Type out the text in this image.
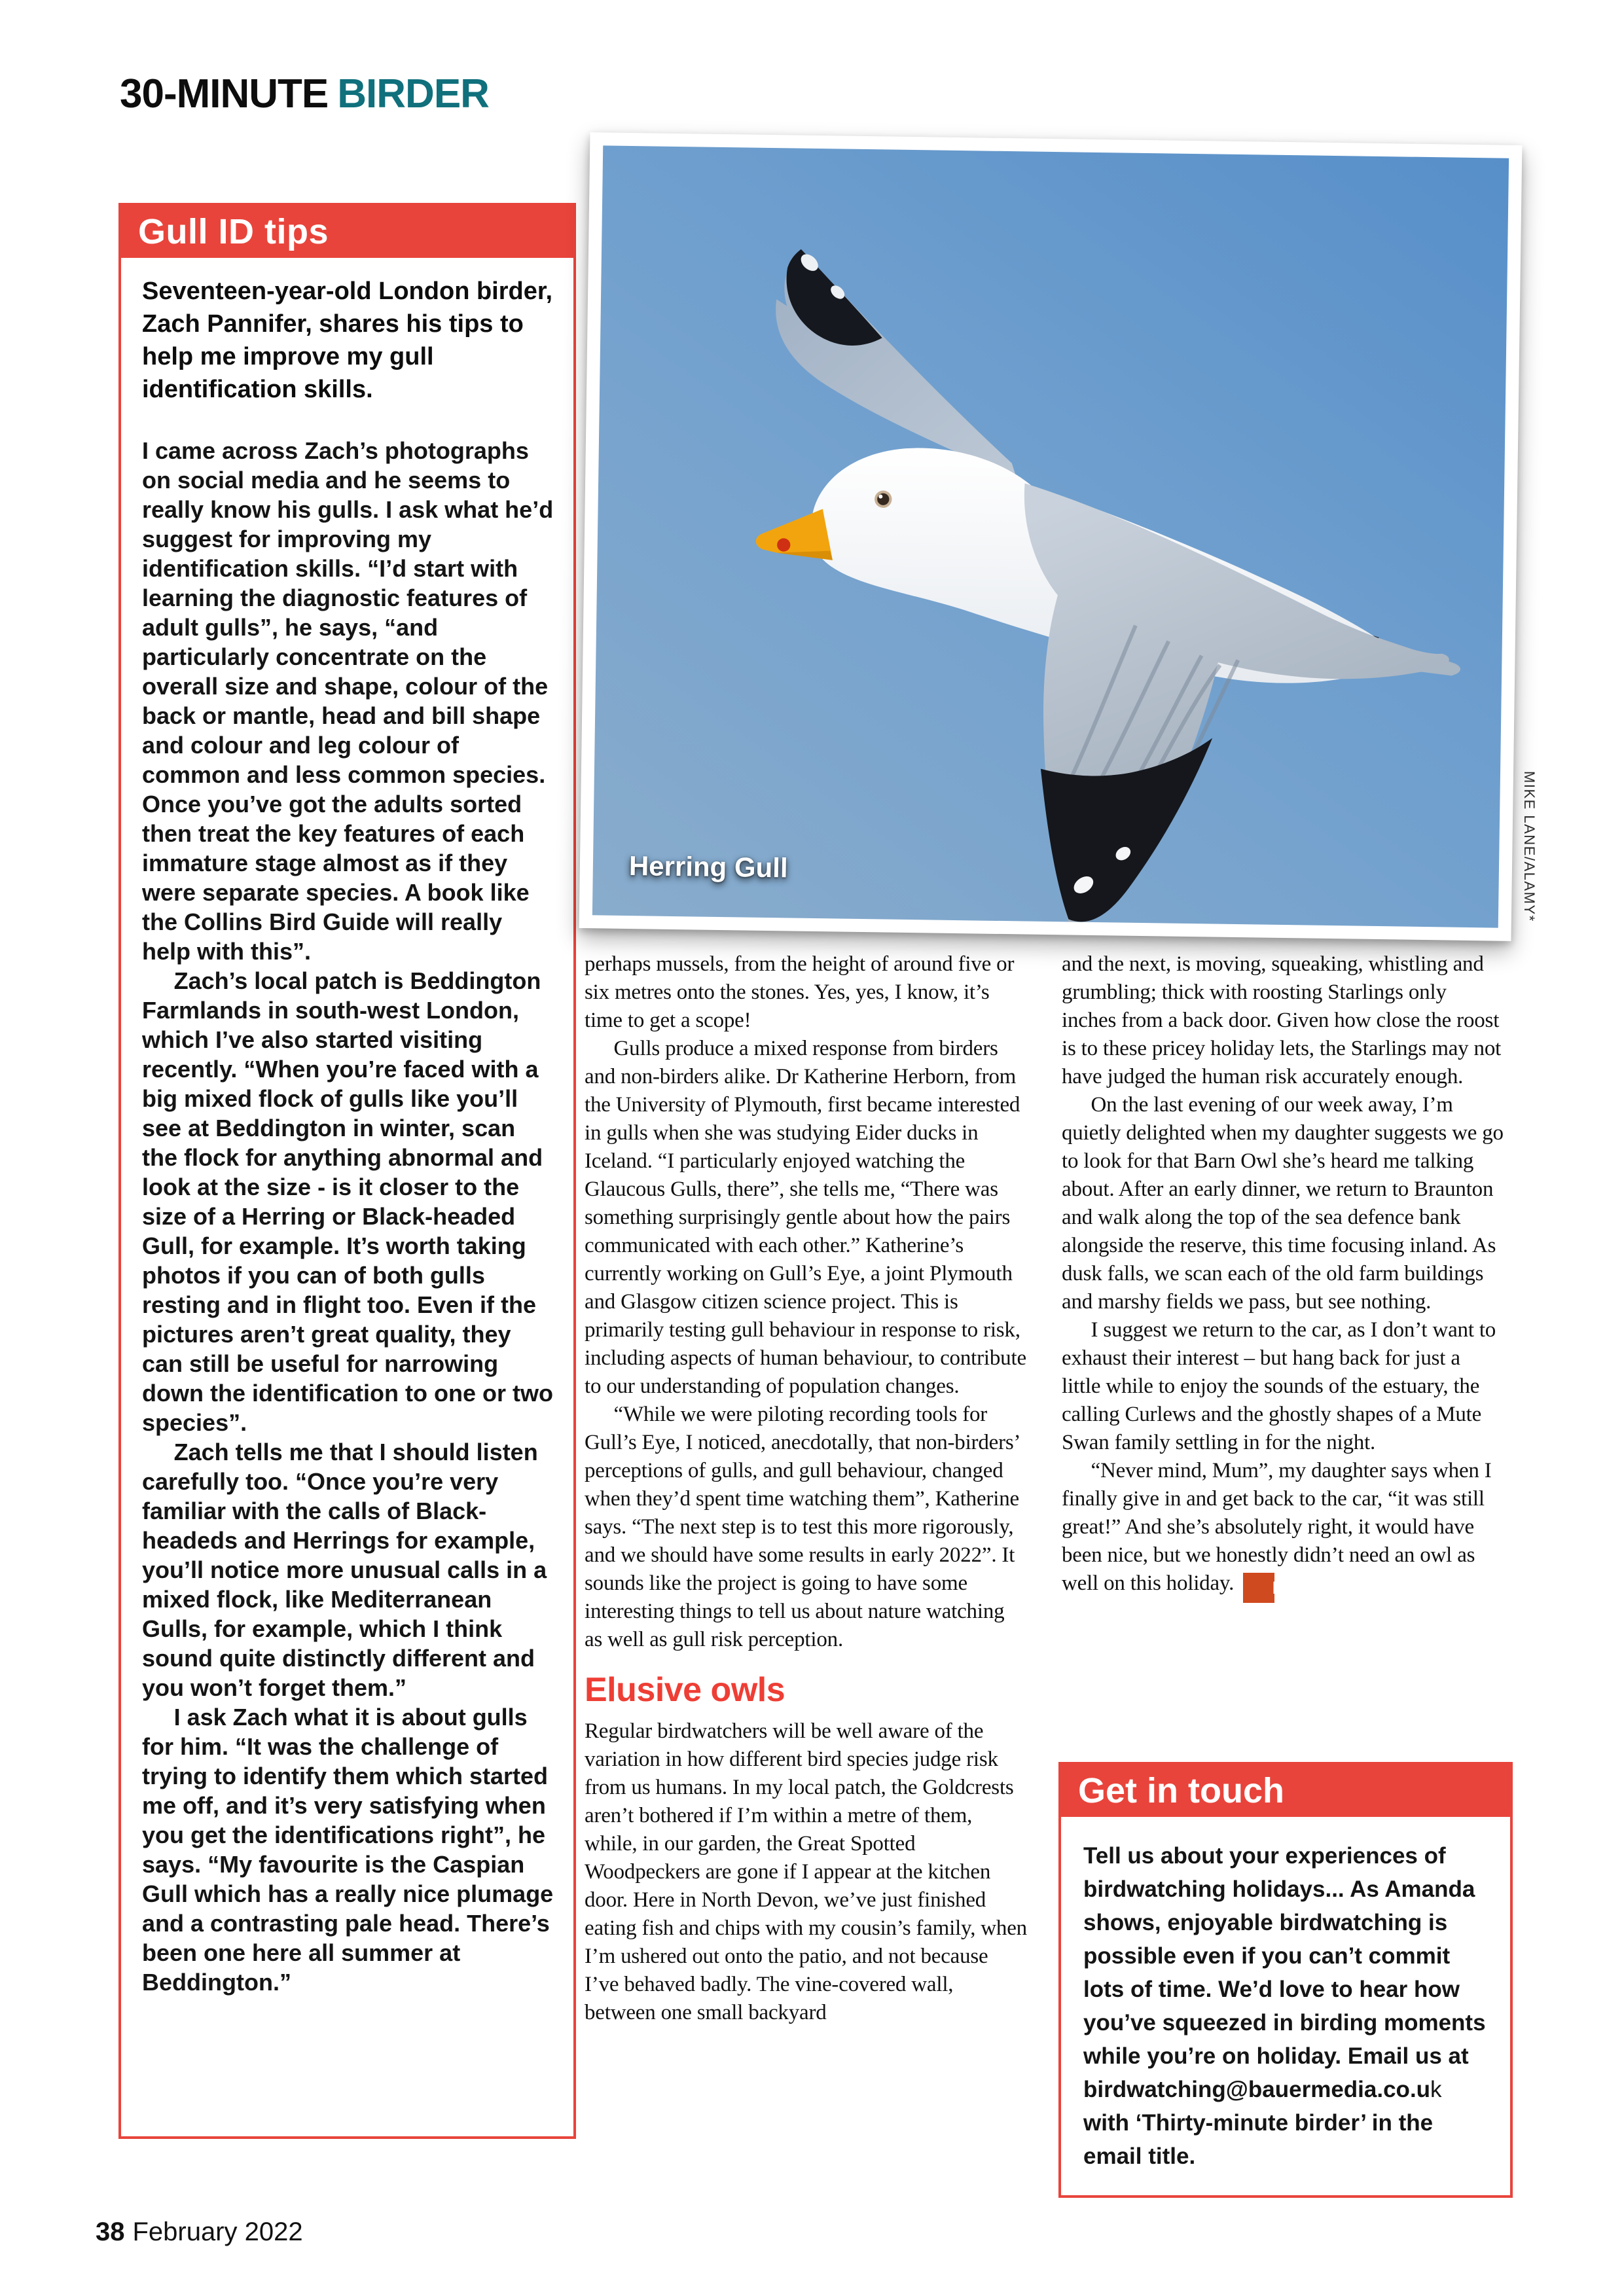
30-MINUTE BIRDER
Gull ID tips

Seventeen-year-old London birder, Zach Pannifer, shares his tips to help me improve my gull identification skills.

I came across Zach’s photographs on social media and he seems to really know his gulls. I ask what he’d suggest for improving my identification skills. “I’d start with learning the diagnostic features of adult gulls”, he says, “and particularly concentrate on the overall size and shape, colour of the back or mantle, head and bill shape and colour and leg colour of common and less common species. Once you’ve got the adults sorted then treat the key features of each immature stage almost as if they were separate species. A book like the Collins Bird Guide will really help with this”.

Zach’s local patch is Beddington Farmlands in south-west London, which I’ve also started visiting recently. “When you’re faced with a big mixed flock of gulls like you’ll see at Beddington in winter, scan the flock for anything abnormal and look at the size - is it closer to the size of a Herring or Black-headed Gull, for example. It’s worth taking photos if you can of both gulls resting and in flight too. Even if the pictures aren’t great quality, they can still be useful for narrowing down the identification to one or two species”.

Zach tells me that I should listen carefully too. “Once you’re very familiar with the calls of Black-headeds and Herrings for example, you’ll notice more unusual calls in a mixed flock, like Mediterranean Gulls, for example, which I think sound quite distinctly different and you won’t forget them.”

I ask Zach what it is about gulls for him. “It was the challenge of trying to identify them which started me off, and it’s very satisfying when you get the identifications right”, he says. “My favourite is the Caspian Gull which has a really nice plumage and a contrasting pale head. There’s been one here all summer at Beddington.”

Herring Gull	MIKE LANE/ALAMY*

perhaps mussels, from the height of around five or six metres onto the stones. Yes, yes, I know, it’s time to get a scope!

Gulls produce a mixed response from birders and non-birders alike. Dr Katherine Herborn, from the University of Plymouth, first became interested in gulls when she was studying Eider ducks in Iceland. “I particularly enjoyed watching the Glaucous Gulls, there”, she tells me, “There was something surprisingly gentle about how the pairs communicated with each other.” Katherine’s currently working on Gull’s Eye, a joint Plymouth and Glasgow citizen science project. This is primarily testing gull behaviour in response to risk, including aspects of human behaviour, to contribute to our understanding of population changes.

“While we were piloting recording tools for Gull’s Eye, I noticed, anecdotally, that non-birders’ perceptions of gulls, and gull behaviour, changed when they’d spent time watching them”, Katherine says. “The next step is to test this more rigorously, and we should have some results in early 2022”. It sounds like the project is going to have some interesting things to tell us about nature watching as well as gull risk perception.

Elusive owls

Regular birdwatchers will be well aware of the variation in how different bird species judge risk from us humans. In my local patch, the Goldcrests aren’t bothered if I’m within a metre of them, while, in our garden, the Great Spotted Woodpeckers are gone if I appear at the kitchen door. Here in North Devon, we’ve just finished eating fish and chips with my cousin’s family, when I’m ushered out onto the patio, and not because I’ve behaved badly. The vine-covered wall, between one small backyard

and the next, is moving, squeaking, whistling and grumbling; thick with roosting Starlings only inches from a back door. Given how close the roost is to these pricey holiday lets, the Starlings may not have judged the human risk accurately enough.

On the last evening of our week away, I’m quietly delighted when my daughter suggests we go to look for that Barn Owl she’s heard me talking about. After an early dinner, we return to Braunton and walk along the top of the sea defence bank alongside the reserve, this time focusing inland. As dusk falls, we scan each of the old farm buildings and marshy fields we pass, but see nothing.

I suggest we return to the car, as I don’t want to exhaust their interest – but hang back for just a little while to enjoy the sounds of the estuary, the calling Curlews and the ghostly shapes of a Mute Swan family settling in for the night.

“Never mind, Mum”, my daughter says when I finally give in and get back to the car, “it was still great!” And she’s absolutely right, it would have been nice, but we honestly didn’t need an owl as well on this holiday. BW

Get in touch
Tell us about your experiences of birdwatching holidays... As Amanda shows, enjoyable birdwatching is possible even if you can’t commit lots of time. We’d love to hear how you’ve squeezed in birding moments while you’re on holiday. Email us at birdwatching@bauermedia.co.uk with ‘Thirty-minute birder’ in the email title.
38 February 2022
